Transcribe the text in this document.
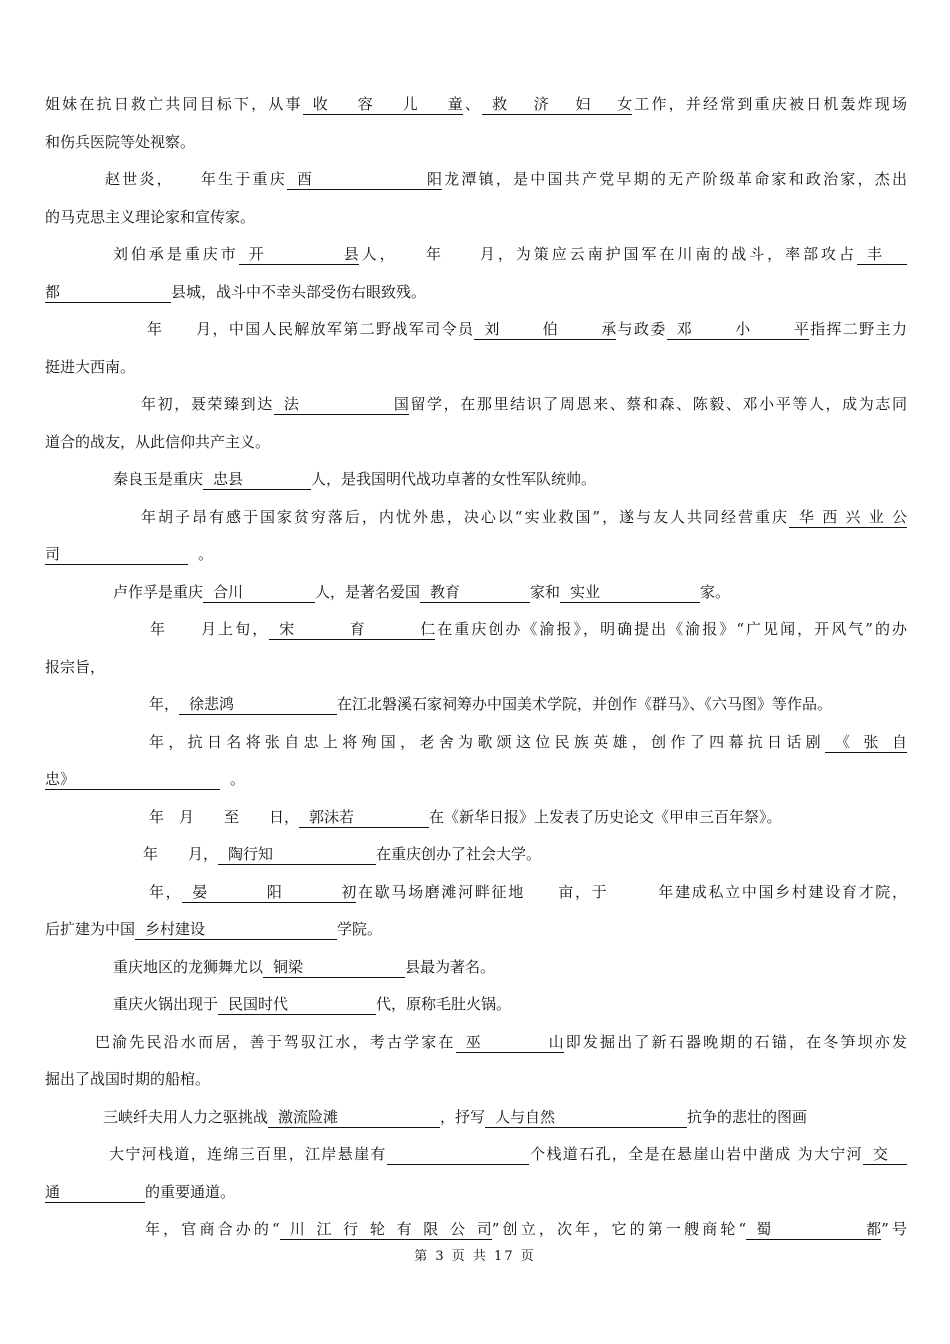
姐妹在抗日救亡共同目标下，从事 收容儿童、 救济妇女工作，并经常到重庆被日机轰炸现场
和伤兵医院等处视察。
赵世炎，　　年生于重庆 酉阳龙潭镇，是中国共产党早期的无产阶级革命家和政治家，杰出
的马克思主义理论家和宣传家。
刘伯承是重庆市 开县人，　　年　　月，为策应云南护国军在川南的战斗，率部攻占 丰
都	县城，战斗中不幸头部受伤右眼致残。
年　　月，中国人民解放军第二野战军司令员 刘伯承与政委 邓小平指挥二野主力
挺进大西南。
年初，聂荣臻到达 法国留学，在那里结识了周恩来、蔡和森、陈毅、邓小平等人，成为志同
道合的战友，从此信仰共产主义。
秦良玉是重庆 忠县	人，是我国明代战功卓著的女性军队统帅。
年胡子昂有感于国家贫穷落后，内忧外患，决心以“实业救国”，遂与友人共同经营重庆 华西兴业公
司	。
卢作孚是重庆 合川	人，是著名爱国 教育	家和 实业	家。
年　　月上旬， 宋育仁在重庆创办《渝报》，明确提出《渝报》“广见闻，开风气”的办
报宗旨，
年， 徐悲鸿	在江北磐溪石家祠筹办中国美术学院，并创作《群马》、《六马图》等作品。
年，抗日名将张自忠上将殉国，老舍为歌颂这位民族英雄，创作了四幕抗日话剧 《张自
忠》	。
年　月　　至　　日， 郭沫若	在《新华日报》上发表了历史论文《甲申三百年祭》。
年　　月， 陶行知	在重庆创办了社会大学。
年， 晏阳初在歇马场磨滩河畔征地　　亩，于　　　年建成私立中国乡村建设育才院，
后扩建为中国 乡村建设	学院。
重庆地区的龙狮舞尤以 铜梁	县最为著名。
重庆火锅出现于 民国时代	代，原称毛肚火锅。
巴渝先民沿水而居，善于驾驭江水，考古学家在 巫山即发掘出了新石器晚期的石锚，在冬笋坝亦发
掘出了战国时期的船棺。
三峡纤夫用人力之驱挑战 激流险滩	，抒写 人与自然	抗争的悲壮的图画
大宁河栈道，连绵三百里，江岸悬崖有	个栈道石孔，全是在悬崖山岩中凿成 为大宁河 交
通	的重要通道。
年，官商合办的“ 川江行轮有限公司”创立，次年，它的第一艘商轮“ 蜀都”号
第 3 页 共 17 页
